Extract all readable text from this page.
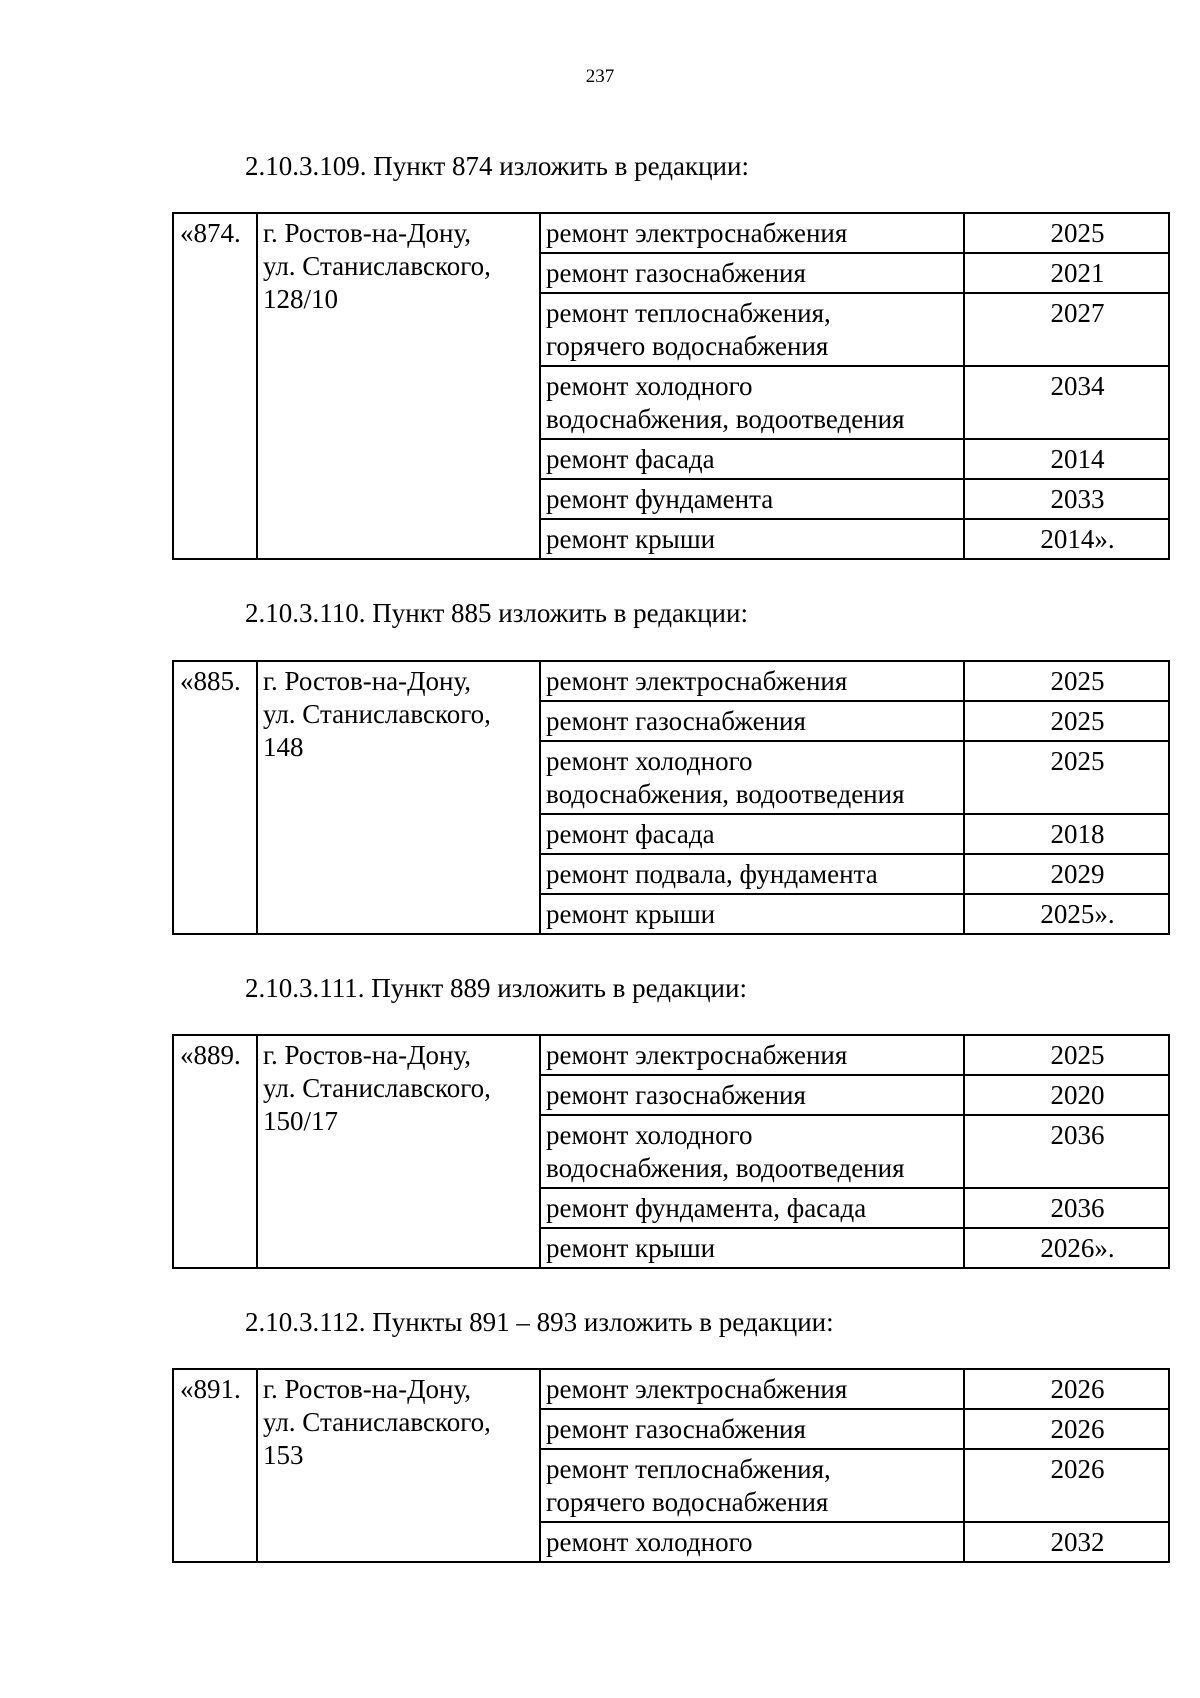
237
2.10.3.109. Пункт 874 изложить в редакции:
«874.	г. Ростов-на-Дону,
ул. Станиславского,
128/10	ремонт электроснабжения	2025
		ремонт газоснабжения	2021
		ремонт теплоснабжения,
горячего водоснабжения	2027
		ремонт холодного
водоснабжения, водоотведения	2034
		ремонт фасада	2014
		ремонт фундамента	2033
		ремонт крыши	2014».
2.10.3.110. Пункт 885 изложить в редакции:
«885.	г. Ростов-на-Дону,
ул. Станиславского,
148	ремонт электроснабжения	2025
		ремонт газоснабжения	2025
		ремонт холодного
водоснабжения, водоотведения	2025
		ремонт фасада	2018
		ремонт подвала, фундамента	2029
		ремонт крыши	2025».
2.10.3.111. Пункт 889 изложить в редакции:
«889.	г. Ростов-на-Дону,
ул. Станиславского,
150/17	ремонт электроснабжения	2025
		ремонт газоснабжения	2020
		ремонт холодного
водоснабжения, водоотведения	2036
		ремонт фундамента, фасада	2036
		ремонт крыши	2026».
2.10.3.112. Пункты 891 – 893 изложить в редакции:
«891.	г. Ростов-на-Дону,
ул. Станиславского,
153	ремонт электроснабжения	2026
		ремонт газоснабжения	2026
		ремонт теплоснабжения,
горячего водоснабжения	2026
		ремонт холодного	2032
